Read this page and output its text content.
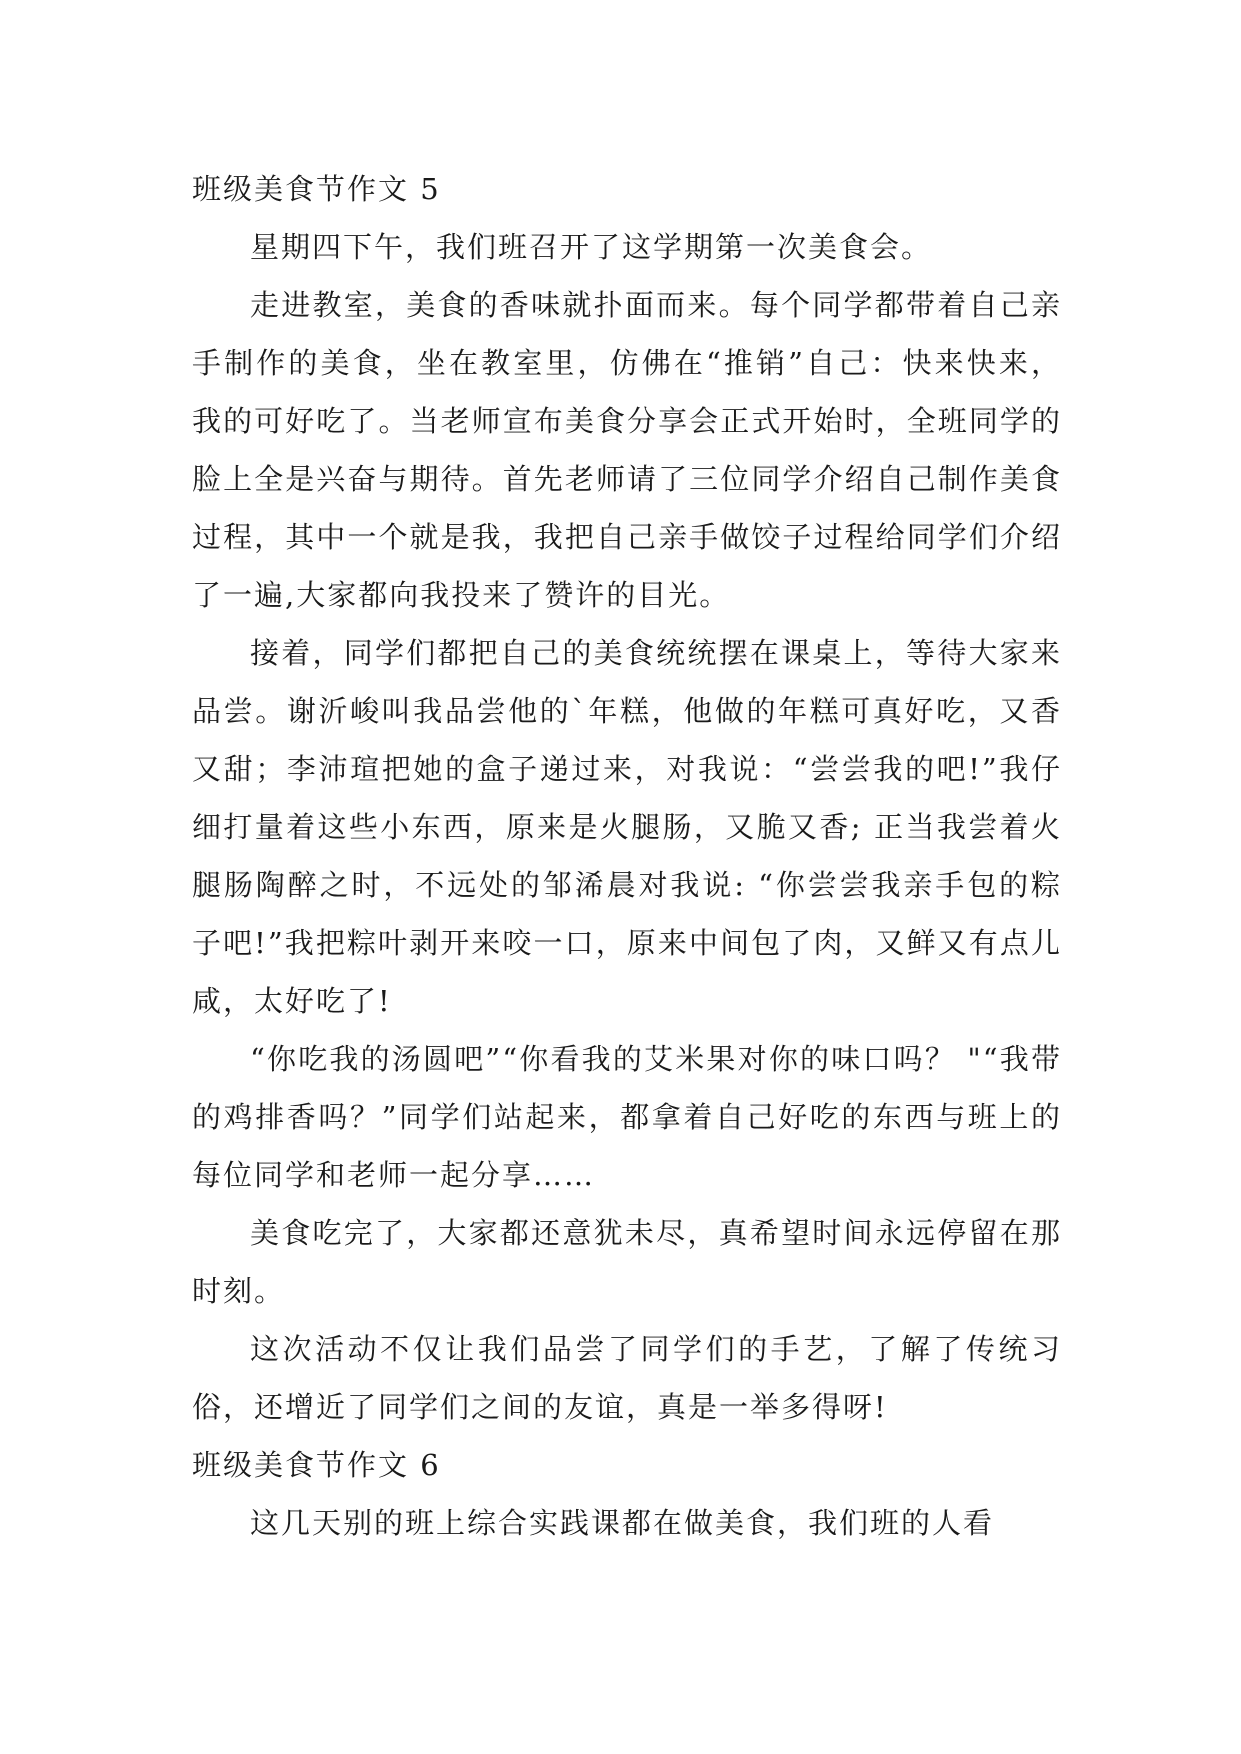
班级美食节作文 5

星期四下午，我们班召开了这学期第一次美食会。

走进教室，美食的香味就扑面而来。每个同学都带着自己亲手制作的美食，坐在教室里，仿佛在“推销”自己：快来快来，我的可好吃了。当老师宣布美食分享会正式开始时，全班同学的脸上全是兴奋与期待。首先老师请了三位同学介绍自己制作美食过程，其中一个就是我，我把自己亲手做饺子过程给同学们介绍了一遍,大家都向我投来了赞许的目光。

接着，同学们都把自己的美食统统摆在课桌上，等待大家来品尝。谢沂峻叫我品尝他的`年糕，他做的年糕可真好吃，又香又甜；李沛瑄把她的盒子递过来，对我说：“尝尝我的吧!”我仔细打量着这些小东西，原来是火腿肠，又脆又香; 正当我尝着火腿肠陶醉之时，不远处的邹浠晨对我说: “你尝尝我亲手包的粽子吧!”我把粽叶剥开来咬一口，原来中间包了肉，又鲜又有点儿咸，太好吃了!

“你吃我的汤圆吧”“你看我的艾米果对你的味口吗？ "“我带的鸡排香吗？”同学们站起来，都拿着自己好吃的东西与班上的每位同学和老师一起分享……

美食吃完了，大家都还意犹未尽，真希望时间永远停留在那时刻。

这次活动不仅让我们品尝了同学们的手艺，了解了传统习俗，还增近了同学们之间的友谊，真是一举多得呀!

班级美食节作文 6

这几天别的班上综合实践课都在做美食，我们班的人看
